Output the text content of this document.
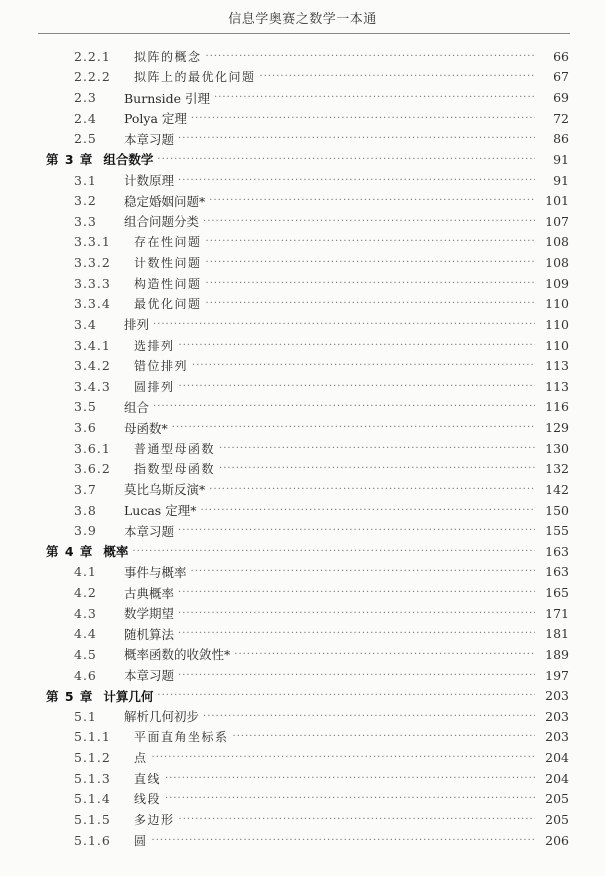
信息学奥赛之数学一本通
2.2.1	拟阵的概念 ·····	66
2.2.2	拟阵上的最优化问题 ·····	67
2.3	Burnside 引理 ·····	69
2.4	Polya 定理 ·····	72
2.5	本章习题 ·····	86
第 3 章 组合数学 ·····	91
3.1	计数原理 ·····	91
3.2	稳定婚姻问题* ·····	101
3.3	组合问题分类 ·····	107
3.3.1	存在性问题 ·····	108
3.3.2	计数性问题 ·····	108
3.3.3	构造性问题 ·····	109
3.3.4	最优化问题 ·····	110
3.4	排列 ·····	110
3.4.1	选排列 ·····	110
3.4.2	错位排列 ·····	113
3.4.3	圆排列 ·····	113
3.5	组合 ·····	116
3.6	母函数* ·····	129
3.6.1	普通型母函数 ·····	130
3.6.2	指数型母函数 ·····	132
3.7	莫比乌斯反演* ·····	142
3.8	Lucas 定理* ·····	150
3.9	本章习题 ·····	155
第 4 章 概率 ·····	163
4.1	事件与概率 ·····	163
4.2	古典概率 ·····	165
4.3	数学期望 ·····	171
4.4	随机算法 ·····	181
4.5	概率函数的收敛性* ·····	189
4.6	本章习题 ·····	197
第 5 章 计算几何 ·····	203
5.1	解析几何初步 ·····	203
5.1.1	平面直角坐标系 ·····	203
5.1.2	点 ·····	204
5.1.3	直线 ·····	204
5.1.4	线段 ·····	205
5.1.5	多边形 ·····	205
5.1.6	圆 ·····	206
